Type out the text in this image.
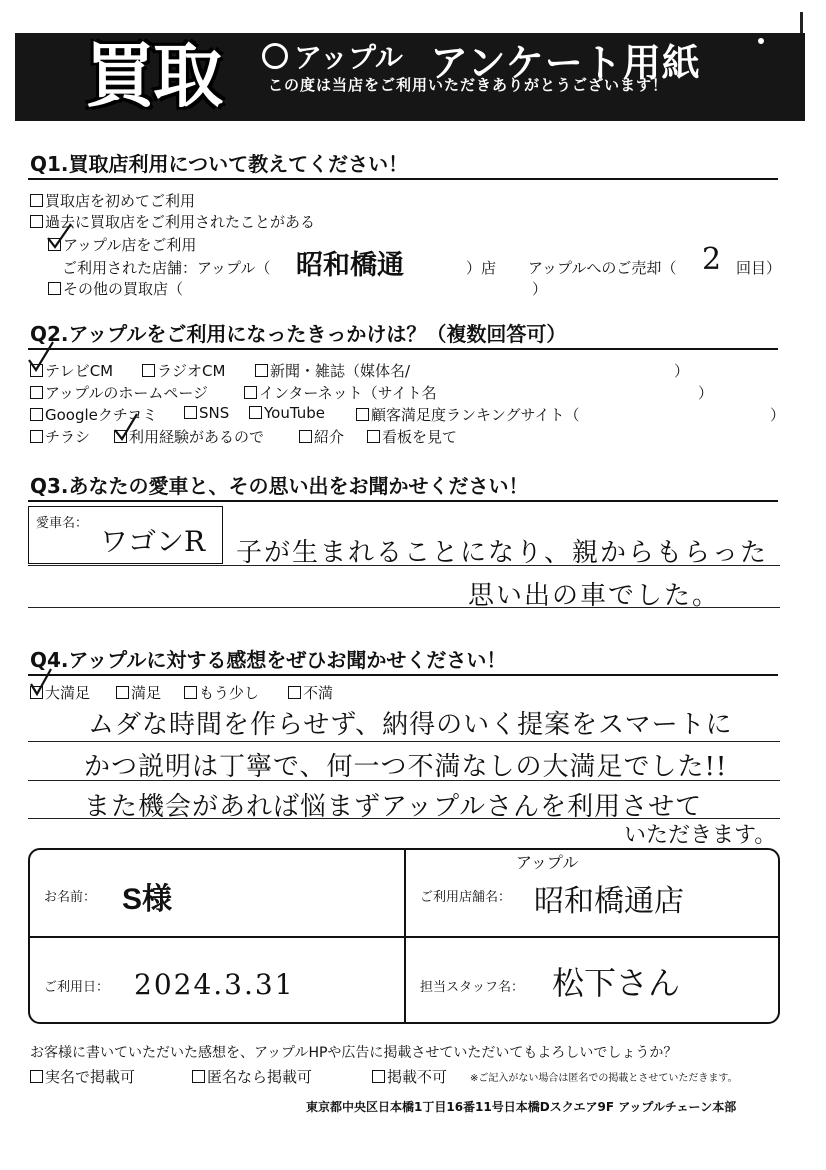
買取	アップル アンケート用紙
この度は当店をご利用いただきありがとうございます！
Q1.買取店利用について教えてください！
買取店を初めてご利用
過去に買取店をご利用されたことがある
アップル店をご利用
ご利用された店舗：アップル（ 昭和橋通	）店 アップルへのご売却（ 2 回目）
その他の買取店（	）
Q2.アップルをご利用になったきっかけは？（複数回答可）
テレビCM	ラジオCM	新聞・雑誌（媒体名/	）
アップルのホームページ	インターネット（サイト名	）
Googleクチコミ	SNS	YouTube	顧客満足度ランキングサイト（	）
チラシ	利用経験があるので	紹介	看板を見て
Q3.あなたの愛車と、その思い出をお聞かせください！
愛車名：
ワゴンR 子が生まれることになり、親からもらった
思い出の車でした。
Q4.アップルに対する感想をぜひお聞かせください！
大満足	満足	もう少し	不満
ムダな時間を作らせず、納得のいく提案をスマートに
かつ説明は丁寧で、何一つ不満なしの大満足でした!!
また機会があれば悩まずアップルさんを利用させて
いただきます。
お名前： S様	ご利用店舗名：
アップル
昭和橋通店
ご利用日： 2024.3.31	担当スタッフ名： 松下さん
お客様に書いていただいた感想を、アップルHPや広告に掲載させていただいてもよろしいでしょうか？
実名で掲載可	匿名なら掲載可	掲載不可 ※ご記入がない場合は匿名での掲載とさせていただきます。
東京都中央区日本橋1丁目16番11号日本橋Dスクエア9F アップルチェーン本部
